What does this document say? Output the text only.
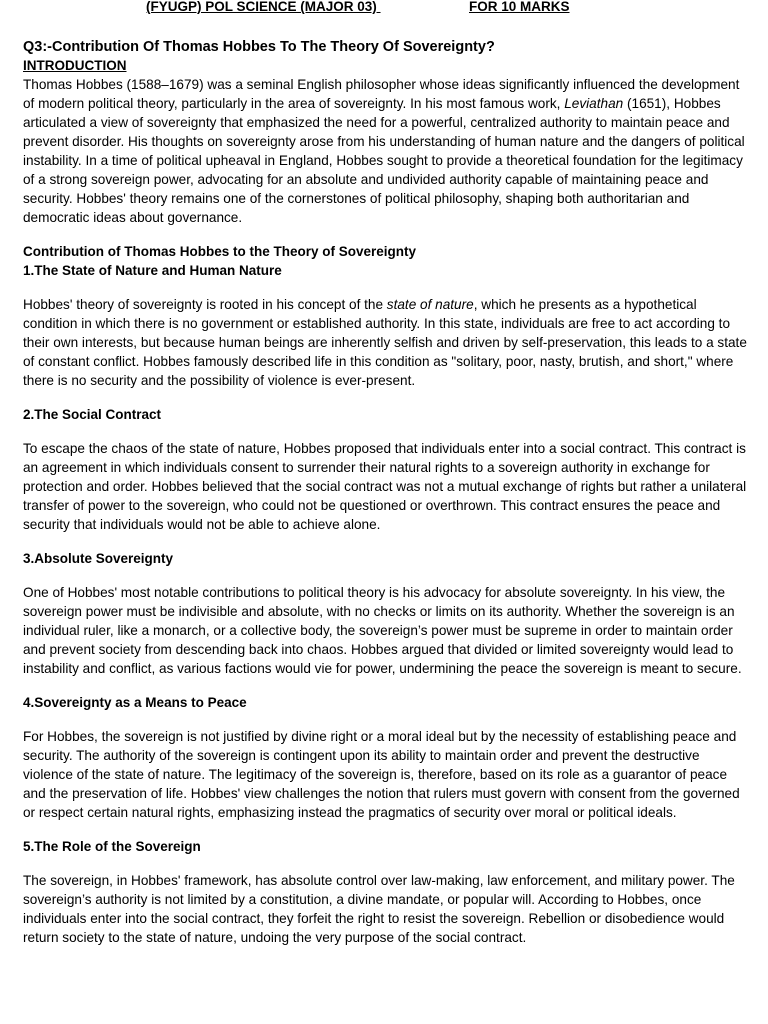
(FYUGP) POL SCIENCE (MAJOR 03)	FOR 10 MARKS
Q3:-Contribution Of Thomas Hobbes To The Theory Of Sovereignty?
INTRODUCTION

Thomas Hobbes (1588–1679) was a seminal English philosopher whose ideas significantly influenced the development of modern political theory, particularly in the area of sovereignty. In his most famous work, Leviathan (1651), Hobbes articulated a view of sovereignty that emphasized the need for a powerful, centralized authority to maintain peace and prevent disorder. His thoughts on sovereignty arose from his understanding of human nature and the dangers of political instability. In a time of political upheaval in England, Hobbes sought to provide a theoretical foundation for the legitimacy of a strong sovereign power, advocating for an absolute and undivided authority capable of maintaining peace and security. Hobbes' theory remains one of the cornerstones of political philosophy, shaping both authoritarian and democratic ideas about governance.

Contribution of Thomas Hobbes to the Theory of Sovereignty
1.The State of Nature and Human Nature

Hobbes' theory of sovereignty is rooted in his concept of the state of nature, which he presents as a hypothetical condition in which there is no government or established authority. In this state, individuals are free to act according to their own interests, but because human beings are inherently selfish and driven by self-preservation, this leads to a state of constant conflict. Hobbes famously described life in this condition as "solitary, poor, nasty, brutish, and short," where there is no security and the possibility of violence is ever-present.

2.The Social Contract

To escape the chaos of the state of nature, Hobbes proposed that individuals enter into a social contract. This contract is an agreement in which individuals consent to surrender their natural rights to a sovereign authority in exchange for protection and order. Hobbes believed that the social contract was not a mutual exchange of rights but rather a unilateral transfer of power to the sovereign, who could not be questioned or overthrown. This contract ensures the peace and security that individuals would not be able to achieve alone.

3.Absolute Sovereignty

One of Hobbes' most notable contributions to political theory is his advocacy for absolute sovereignty. In his view, the sovereign power must be indivisible and absolute, with no checks or limits on its authority. Whether the sovereign is an individual ruler, like a monarch, or a collective body, the sovereign’s power must be supreme in order to maintain order and prevent society from descending back into chaos. Hobbes argued that divided or limited sovereignty would lead to instability and conflict, as various factions would vie for power, undermining the peace the sovereign is meant to secure.

4.Sovereignty as a Means to Peace

For Hobbes, the sovereign is not justified by divine right or a moral ideal but by the necessity of establishing peace and security. The authority of the sovereign is contingent upon its ability to maintain order and prevent the destructive violence of the state of nature. The legitimacy of the sovereign is, therefore, based on its role as a guarantor of peace and the preservation of life. Hobbes' view challenges the notion that rulers must govern with consent from the governed or respect certain natural rights, emphasizing instead the pragmatics of security over moral or political ideals.

5.The Role of the Sovereign

The sovereign, in Hobbes' framework, has absolute control over law-making, law enforcement, and military power. The sovereign’s authority is not limited by a constitution, a divine mandate, or popular will. According to Hobbes, once individuals enter into the social contract, they forfeit the right to resist the sovereign. Rebellion or disobedience would return society to the state of nature, undoing the very purpose of the social contract.
